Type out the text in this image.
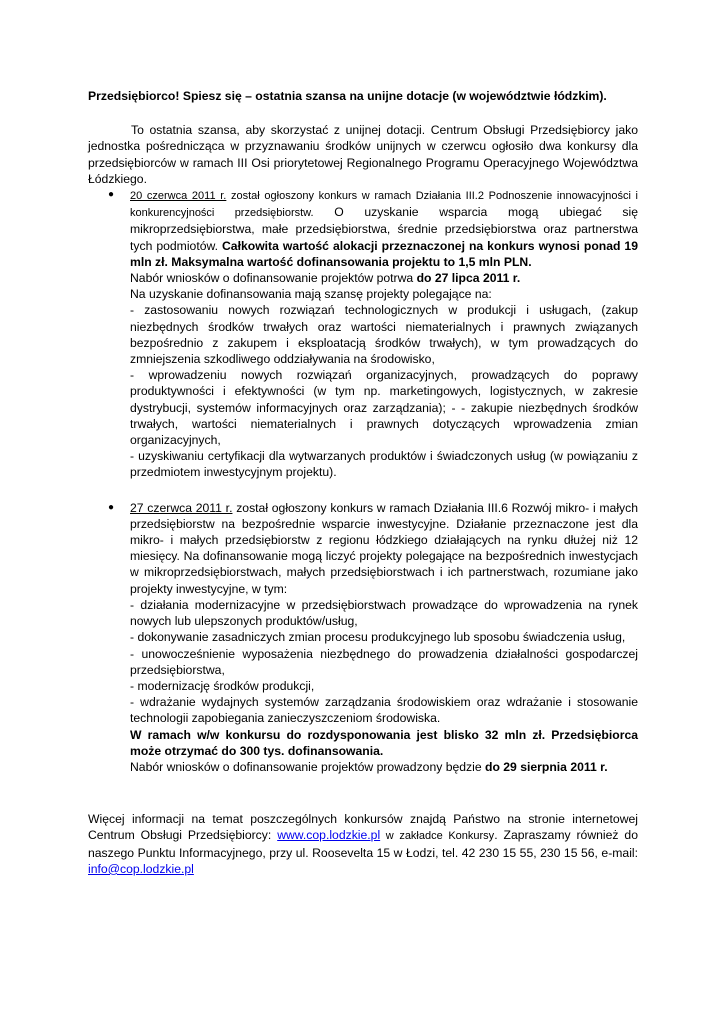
Przedsiębiorco! Spiesz się – ostatnia szansa na unijne dotacje (w województwie łódzkim).

To ostatnia szansa, aby skorzystać z unijnej dotacji. Centrum Obsługi Przedsiębiorcy jako jednostka pośrednicząca w przyznawaniu środków unijnych w czerwcu ogłosiło dwa konkursy dla przedsiębiorców w ramach III Osi priorytetowej Regionalnego Programu Operacyjnego Województwa Łódzkiego.

● 20 czerwca 2011 r. został ogłoszony konkurs w ramach Działania III.2 Podnoszenie innowacyjności i konkurencyjności przedsiębiorstw. O uzyskanie wsparcia mogą ubiegać się mikroprzedsiębiorstwa, małe przedsiębiorstwa, średnie przedsiębiorstwa oraz partnerstwa tych podmiotów. Całkowita wartość alokacji przeznaczonej na konkurs wynosi ponad 19 mln zł. Maksymalna wartość dofinansowania projektu to 1,5 mln PLN.

Nabór wniosków o dofinansowanie projektów potrwa do 27 lipca 2011 r.

Na uzyskanie dofinansowania mają szansę projekty polegające na:

- zastosowaniu nowych rozwiązań technologicznych w produkcji i usługach, (zakup niezbędnych środków trwałych oraz wartości niematerialnych i prawnych związanych bezpośrednio z zakupem i eksploatacją środków trwałych), w tym prowadzących do zmniejszenia szkodliwego oddziaływania na środowisko,

- wprowadzeniu nowych rozwiązań organizacyjnych, prowadzących do poprawy produktywności i efektywności (w tym np. marketingowych, logistycznych, w zakresie dystrybucji, systemów informacyjnych oraz zarządzania); - - zakupie niezbędnych środków trwałych, wartości niematerialnych i prawnych dotyczących wprowadzenia zmian organizacyjnych,

- uzyskiwaniu certyfikacji dla wytwarzanych produktów i świadczonych usług (w powiązaniu z przedmiotem inwestycyjnym projektu).

● 27 czerwca 2011 r. został ogłoszony konkurs w ramach Działania III.6 Rozwój mikro- i małych przedsiębiorstw na bezpośrednie wsparcie inwestycyjne. Działanie przeznaczone jest dla mikro- i małych przedsiębiorstw z regionu łódzkiego działających na rynku dłużej niż 12 miesięcy. Na dofinansowanie mogą liczyć projekty polegające na bezpośrednich inwestycjach w mikroprzedsiębiorstwach, małych przedsiębiorstwach i ich partnerstwach, rozumiane jako projekty inwestycyjne, w tym:

- działania modernizacyjne w przedsiębiorstwach prowadzące do wprowadzenia na rynek nowych lub ulepszonych produktów/usług,

- dokonywanie zasadniczych zmian procesu produkcyjnego lub sposobu świadczenia usług,

- unowocześnienie wyposażenia niezbędnego do prowadzenia działalności gospodarczej przedsiębiorstwa,

- modernizację środków produkcji,

- wdrażanie wydajnych systemów zarządzania środowiskiem oraz wdrażanie i stosowanie technologii zapobiegania zanieczyszczeniom środowiska.

W ramach w/w konkursu do rozdysponowania jest blisko 32 mln zł. Przedsiębiorca może otrzymać do 300 tys. dofinansowania.

Nabór wniosków o dofinansowanie projektów prowadzony będzie do 29 sierpnia 2011 r.

Więcej informacji na temat poszczególnych konkursów znajdą Państwo na stronie internetowej Centrum Obsługi Przedsiębiorcy: www.cop.lodzkie.pl w zakładce Konkursy. Zapraszamy również do naszego Punktu Informacyjnego, przy ul. Roosevelta 15 w Łodzi, tel. 42 230 15 55, 230 15 56, e-mail: info@cop.lodzkie.pl
